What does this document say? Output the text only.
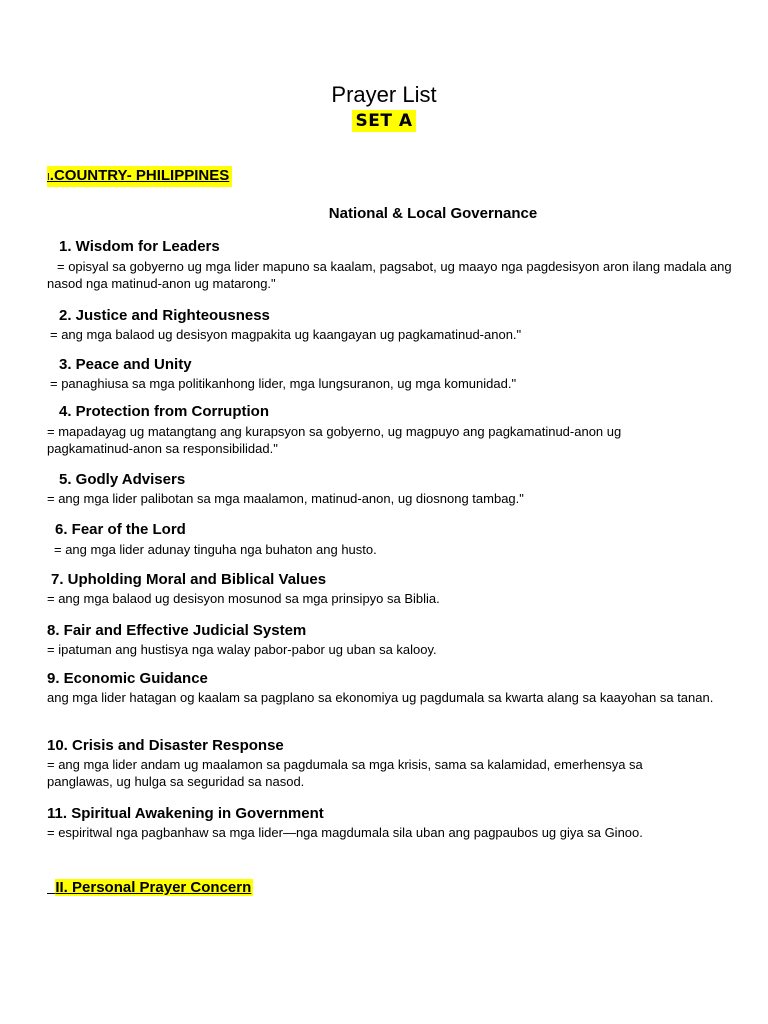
Prayer List
SET A
I.COUNTRY- PHILIPPINES
National & Local Governance
1. Wisdom for Leaders
= opisyal sa gobyerno ug mga lider mapuno sa kaalam, pagsabot, ug maayo nga pagdesisyon aron ilang madala ang nasod nga matinud-anon ug matarong."
2. Justice and Righteousness
= ang mga balaod ug desisyon magpakita ug kaangayan ug pagkamatinud-anon."
3. Peace and Unity
= panaghiusa sa mga politikanhong lider, mga lungsuranon, ug mga komunidad."
4. Protection from Corruption
= mapadayag ug matangtang ang kurapsyon sa gobyerno, ug magpuyo ang pagkamatinud-anon ug pagkamatinud-anon sa responsibilidad."
5. Godly Advisers
= ang mga lider palibotan sa mga maalamon, matinud-anon, ug diosnong tambag."
6. Fear of the Lord
= ang mga lider adunay tinguha nga buhaton ang husto.
7. Upholding Moral and Biblical Values
= ang mga balaod ug desisyon mosunod sa mga prinsipyo sa Biblia.
8. Fair and Effective Judicial System
= ipatuman ang hustisya nga walay pabor-pabor ug uban sa kalooy.
9. Economic Guidance
ang mga lider hatagan og kaalam sa pagplano sa ekonomiya ug pagdumala sa kwarta alang sa kaayohan sa tanan.
10. Crisis and Disaster Response
= ang mga lider andam ug maalamon sa pagdumala sa mga krisis, sama sa kalamidad, emerhensya sa panglawas, ug hulga sa seguridad sa nasod.
11. Spiritual Awakening in Government
= espiritwal nga pagbanhaw sa mga lider—nga magdumala sila uban ang pagpaubos ug giya sa Ginoo.
II. Personal Prayer Concern
